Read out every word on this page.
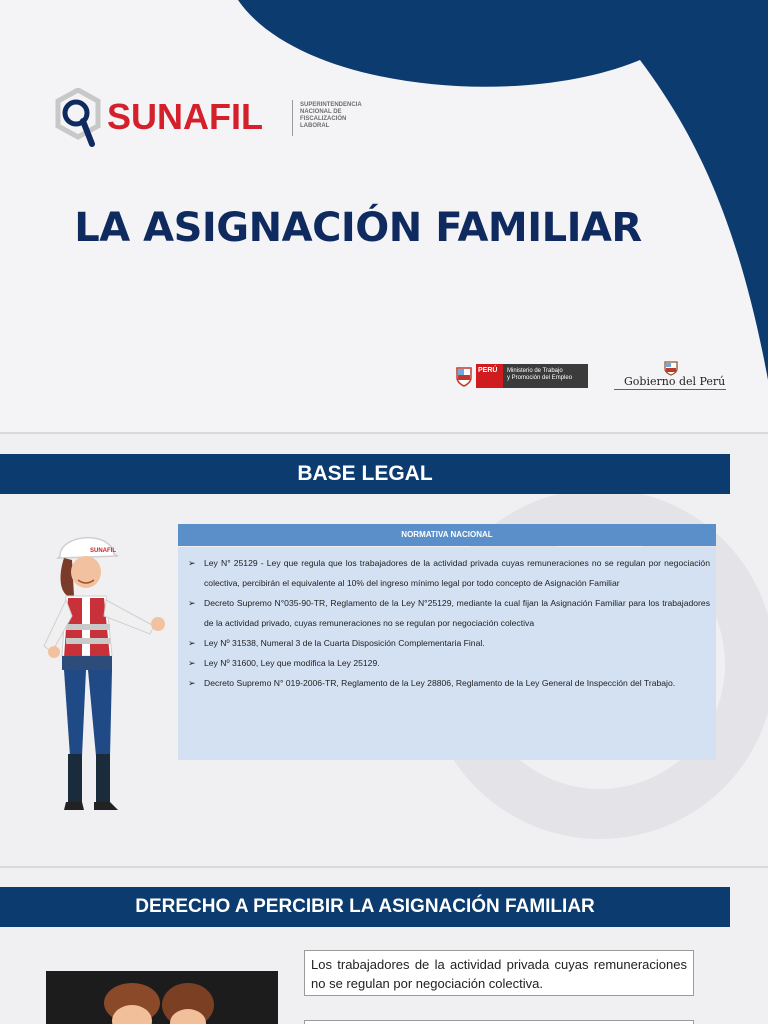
SUNAFIL	SUPERINTENDENCIA
NACIONAL DE
FISCALIZACIÓN
LABORAL
LA ASIGNACIÓN FAMILIAR
PERÚ	Ministerio de Trabajo
y Promoción del Empleo	Gobierno del Perú
BASE LEGAL
SUNAFIL
NORMATIVA NACIONAL
➢ Ley N° 25129 - Ley que regula que los trabajadores de la actividad privada cuyas remuneraciones no se regulan por negociación colectiva, percibirán el equivalente al 10% del ingreso mínimo legal por todo concepto de Asignación Familiar
➢ Decreto Supremo N°035-90-TR, Reglamento de la Ley N°25129, mediante la cual fijan la Asignación Familiar para los trabajadores de la actividad privado, cuyas remuneraciones no se regulan por negociación colectiva
➢ Ley Nº 31538, Numeral 3 de la Cuarta Disposición Complementaria Final.
➢ Ley Nº 31600, Ley que modifica la Ley 25129.
➢ Decreto Supremo N° 019-2006-TR, Reglamento de la Ley 28806, Reglamento de la Ley General de Inspección del Trabajo.
DERECHO A PERCIBIR LA ASIGNACIÓN FAMILIAR
Los trabajadores de la actividad privada cuyas remuneraciones no se regulan por negociación colectiva.
